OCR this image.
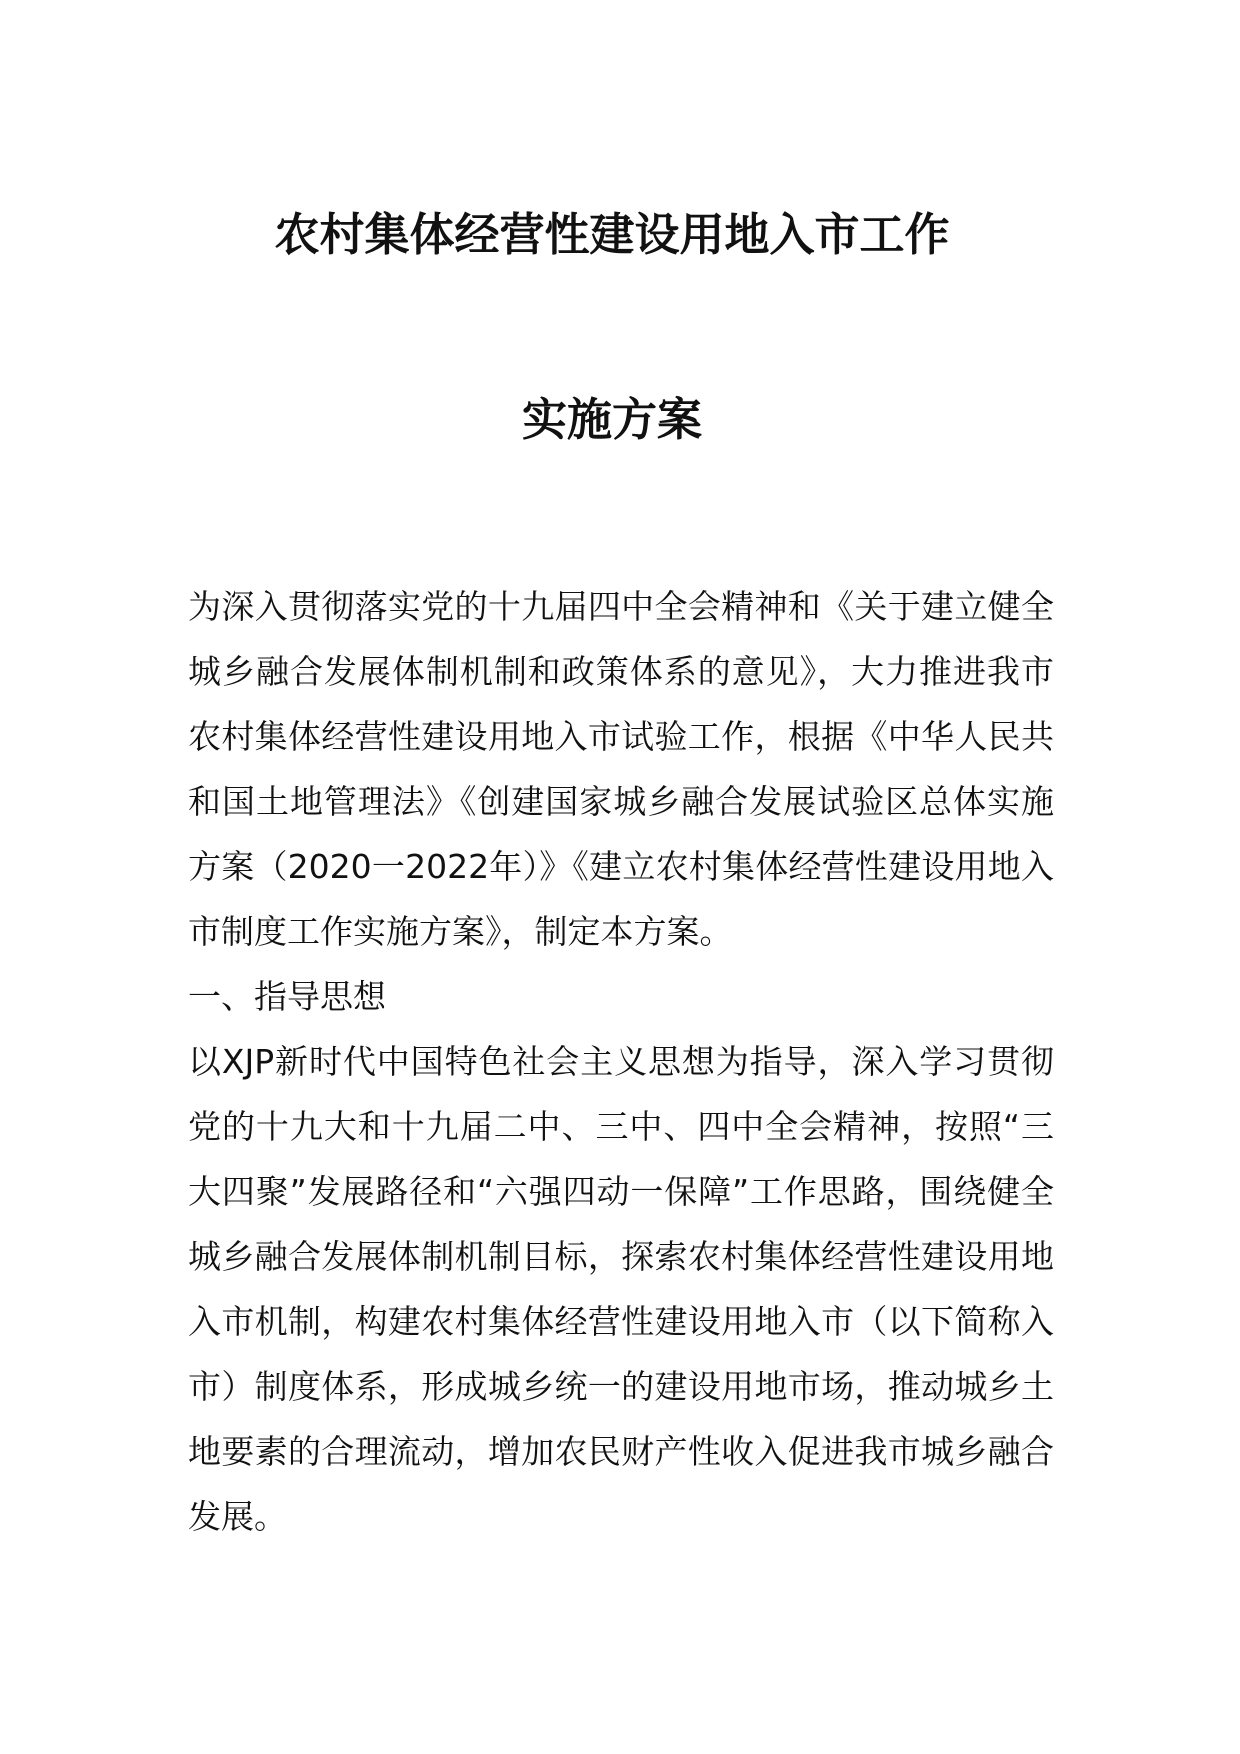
农村集体经营性建设用地入市工作
实施方案

为深入贯彻落实党的十九届四中全会精神和《关于建立健全城乡融合发展体制机制和政策体系的意见》，大力推进我市农村集体经营性建设用地入市试验工作，根据《中华人民共和国土地管理法》《创建国家城乡融合发展试验区总体实施方案（2020一2022年）》《建立农村集体经营性建设用地入市制度工作实施方案》，制定本方案。

一、指导思想

以XJP新时代中国特色社会主义思想为指导，深入学习贯彻党的十九大和十九届二中、三中、四中全会精神，按照“三大四聚”发展路径和“六强四动一保障”工作思路，围绕健全城乡融合发展体制机制目标，探索农村集体经营性建设用地入市机制，构建农村集体经营性建设用地入市（以下简称入市）制度体系，形成城乡统一的建设用地市场，推动城乡土地要素的合理流动，增加农民财产性收入促进我市城乡融合发展。
